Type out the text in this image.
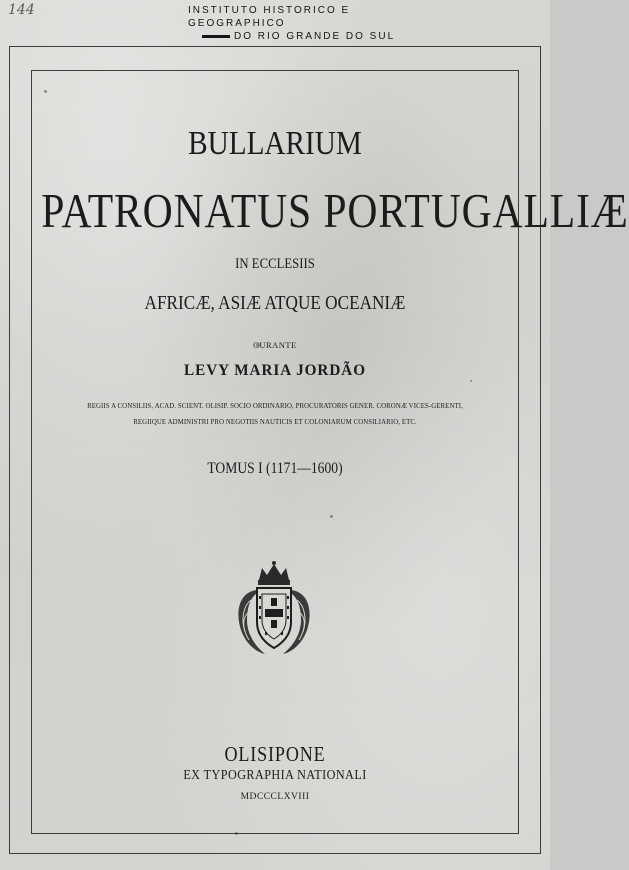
144	INSTITUTO HISTORICO E GEOGRAPHICO
DO RIO GRANDE DO SUL
BULLARIUM
PATRONATUS PORTUGALLIÆ
IN ECCLESIIS
AFRICÆ, ASIÆ ATQUE OCEANIÆ
CURANTE
LEVY MARIA JORDÃO
REGIIS A CONSILIIS, ACAD. SCIENT. OLISIP. SOCIO ORDINARIO, PROCURATORIS GENER. CORONÆ VICES-GERENTI,
REGIIQUE ADMINISTRI PRO NEGOTIIS NAUTICIS ET COLONIARUM CONSILIARIO, ETC.
TOMUS I (1171—1600)
OLISIPONE
EX TYPOGRAPHIA NATIONALI
MDCCCLXVIII
